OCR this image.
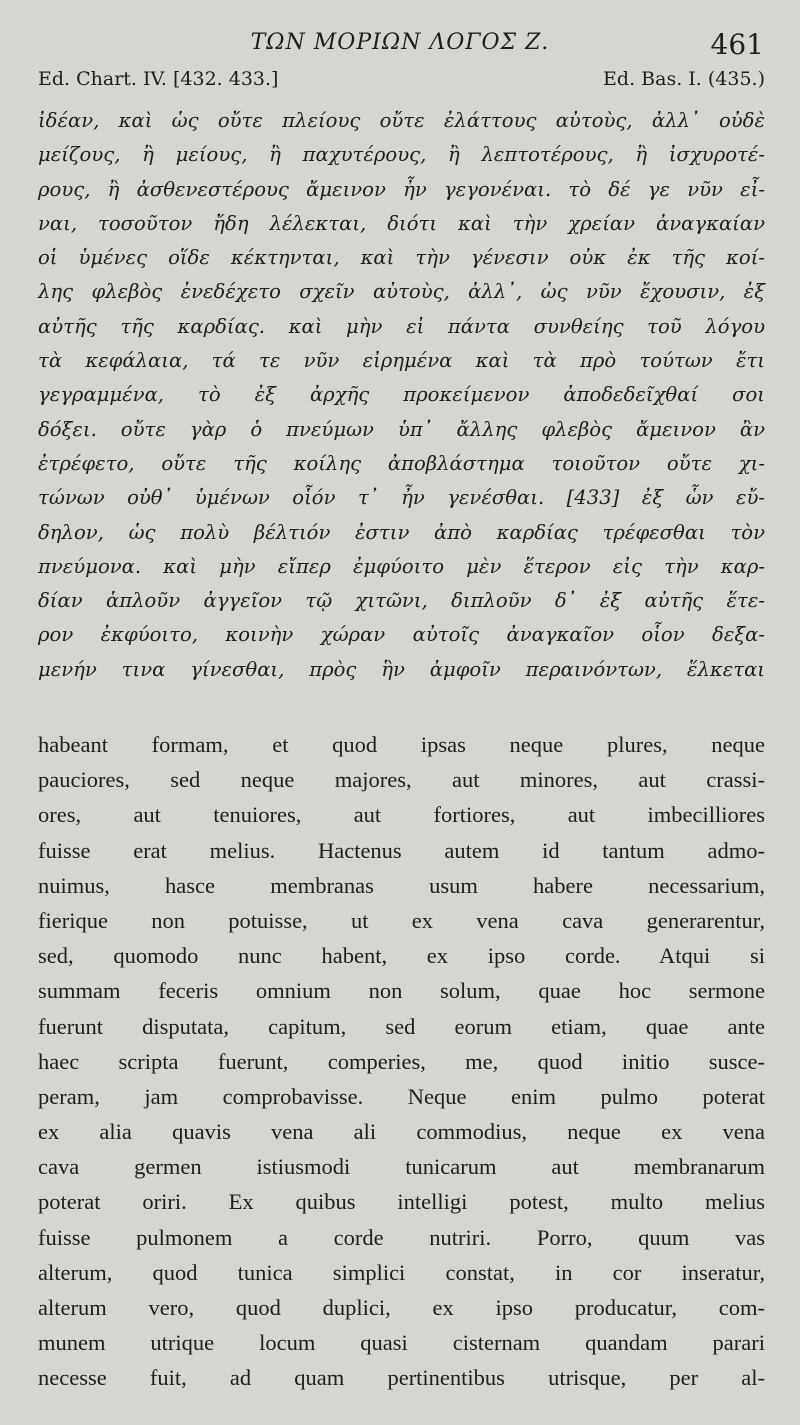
ΤΩΝ ΜΟΡΙΩΝ ΛΟΓΟΣ Ζ.	461
Ed. Chart. IV. [432. 433.]	Ed. Bas. I. (435.)
ἰδέαν, καὶ ὡς οὔτε πλείους οὔτε ἐλάττους αὐτοὺς, ἀλλ᾽ οὐδὲ
μείζους, ἢ μείους, ἢ παχυτέρους, ἢ λεπτοτέρους, ἢ ἰσχυροτέ-
ρους, ἢ ἀσθενεστέρους ἄμεινον ἦν γεγονέναι. τὸ δέ γε νῦν εἶ-
ναι, τοσοῦτον ἤδη λέλεκται, διότι καὶ τὴν χρείαν ἀναγκαίαν
οἱ ὑμένες οἵδε κέκτηνται, καὶ τὴν γένεσιν οὐκ ἐκ τῆς κοί-
λης φλεβὸς ἐνεδέχετο σχεῖν αὐτοὺς, ἀλλ᾽, ὡς νῦν ἔχουσιν, ἐξ
αὐτῆς τῆς καρδίας. καὶ μὴν εἰ πάντα συνθείης τοῦ λόγου
τὰ κεφάλαια, τά τε νῦν εἰρημένα καὶ τὰ πρὸ τούτων ἔτι
γεγραμμένα, τὸ ἐξ ἀρχῆς προκείμενον ἀποδεδεῖχθαί σοι
δόξει. οὔτε γὰρ ὁ πνεύμων ὑπ᾽ ἄλλης φλεβὸς ἄμεινον ἂν
ἐτρέφετο, οὔτε τῆς κοίλης ἀποβλάστημα τοιοῦτον οὔτε χι-
τώνων οὐθ᾽ ὑμένων οἷόν τ᾽ ἦν γενέσθαι. [433] ἐξ ὧν εὔ-
δηλον, ὡς πολὺ βέλτιόν ἐστιν ἀπὸ καρδίας τρέφεσθαι τὸν
πνεύμονα. καὶ μὴν εἴπερ ἐμφύοιτο μὲν ἕτερον εἰς τὴν καρ-
δίαν ἁπλοῦν ἀγγεῖον τῷ χιτῶνι, διπλοῦν δ᾽ ἐξ αὐτῆς ἕτε-
ρον ἐκφύοιτο, κοινὴν χώραν αὐτοῖς ἀναγκαῖον οἷον δεξα-
μενήν τινα γίνεσθαι, πρὸς ἣν ἀμφοῖν περαινόντων, ἕλκεται
habeant formam, et quod ipsas neque plures, neque
pauciores, sed neque majores, aut minores, aut crassi-
ores, aut tenuiores, aut fortiores, aut imbecilliores
fuisse erat melius. Hactenus autem id tantum admo-
nuimus, hasce membranas usum habere necessarium,
fierique non potuisse, ut ex vena cava generarentur,
sed, quomodo nunc habent, ex ipso corde. Atqui si
summam feceris omnium non solum, quae hoc sermone
fuerunt disputata, capitum, sed eorum etiam, quae ante
haec scripta fuerunt, comperies, me, quod initio susce-
peram, jam comprobavisse. Neque enim pulmo poterat
ex alia quavis vena ali commodius, neque ex vena
cava germen istiusmodi tunicarum aut membranarum
poterat oriri. Ex quibus intelligi potest, multo melius
fuisse pulmonem a corde nutriri. Porro, quum vas
alterum, quod tunica simplici constat, in cor inseratur,
alterum vero, quod duplici, ex ipso producatur, com-
munem utrique locum quasi cisternam quandam parari
necesse fuit, ad quam pertinentibus utrisque, per al-
